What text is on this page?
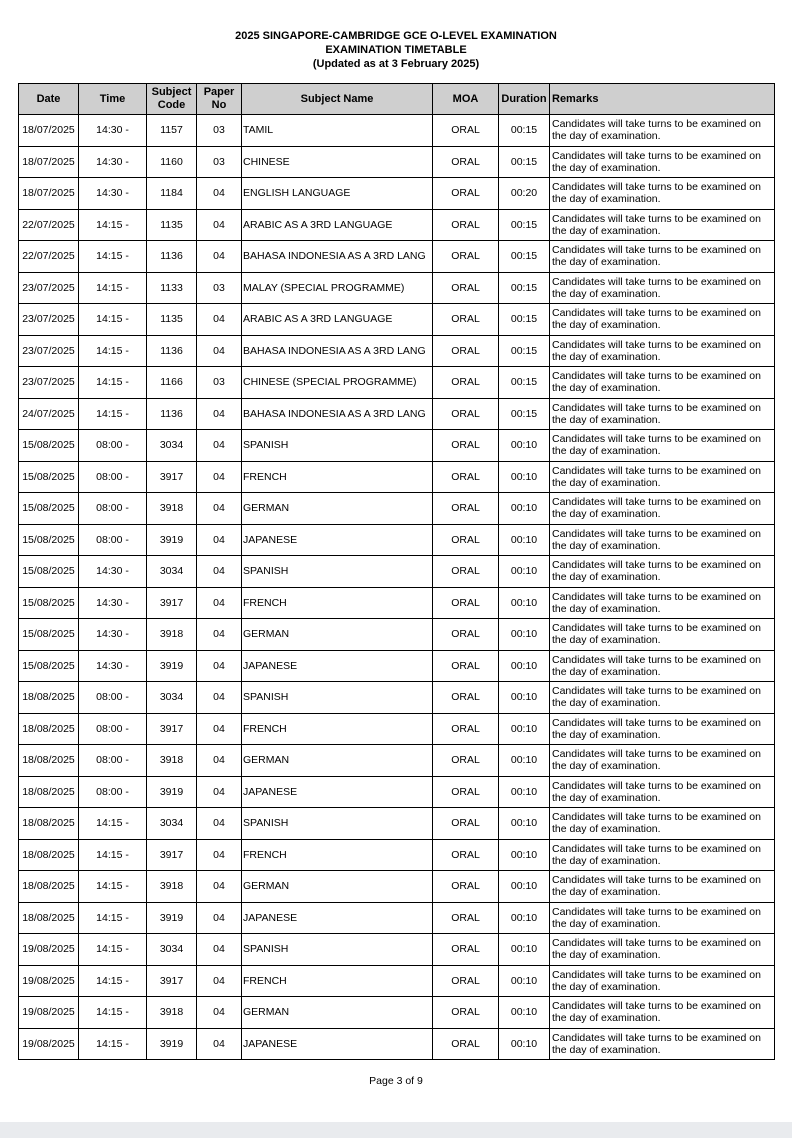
2025 SINGAPORE-CAMBRIDGE GCE O-LEVEL EXAMINATION
EXAMINATION TIMETABLE
(Updated as at 3 February 2025)
Date	Time	Subject Code	Paper No	Subject Name	MOA	Duration	Remarks
18/07/2025	14:30 -	1157	03	TAMIL	ORAL	00:15	Candidates will take turns to be examined on the day of examination.
18/07/2025	14:30 -	1160	03	CHINESE	ORAL	00:15	Candidates will take turns to be examined on the day of examination.
18/07/2025	14:30 -	1184	04	ENGLISH LANGUAGE	ORAL	00:20	Candidates will take turns to be examined on the day of examination.
22/07/2025	14:15 -	1135	04	ARABIC AS A 3RD LANGUAGE	ORAL	00:15	Candidates will take turns to be examined on the day of examination.
22/07/2025	14:15 -	1136	04	BAHASA INDONESIA AS A 3RD LANG	ORAL	00:15	Candidates will take turns to be examined on the day of examination.
23/07/2025	14:15 -	1133	03	MALAY (SPECIAL PROGRAMME)	ORAL	00:15	Candidates will take turns to be examined on the day of examination.
23/07/2025	14:15 -	1135	04	ARABIC AS A 3RD LANGUAGE	ORAL	00:15	Candidates will take turns to be examined on the day of examination.
23/07/2025	14:15 -	1136	04	BAHASA INDONESIA AS A 3RD LANG	ORAL	00:15	Candidates will take turns to be examined on the day of examination.
23/07/2025	14:15 -	1166	03	CHINESE (SPECIAL PROGRAMME)	ORAL	00:15	Candidates will take turns to be examined on the day of examination.
24/07/2025	14:15 -	1136	04	BAHASA INDONESIA AS A 3RD LANG	ORAL	00:15	Candidates will take turns to be examined on the day of examination.
15/08/2025	08:00 -	3034	04	SPANISH	ORAL	00:10	Candidates will take turns to be examined on the day of examination.
15/08/2025	08:00 -	3917	04	FRENCH	ORAL	00:10	Candidates will take turns to be examined on the day of examination.
15/08/2025	08:00 -	3918	04	GERMAN	ORAL	00:10	Candidates will take turns to be examined on the day of examination.
15/08/2025	08:00 -	3919	04	JAPANESE	ORAL	00:10	Candidates will take turns to be examined on the day of examination.
15/08/2025	14:30 -	3034	04	SPANISH	ORAL	00:10	Candidates will take turns to be examined on the day of examination.
15/08/2025	14:30 -	3917	04	FRENCH	ORAL	00:10	Candidates will take turns to be examined on the day of examination.
15/08/2025	14:30 -	3918	04	GERMAN	ORAL	00:10	Candidates will take turns to be examined on the day of examination.
15/08/2025	14:30 -	3919	04	JAPANESE	ORAL	00:10	Candidates will take turns to be examined on the day of examination.
18/08/2025	08:00 -	3034	04	SPANISH	ORAL	00:10	Candidates will take turns to be examined on the day of examination.
18/08/2025	08:00 -	3917	04	FRENCH	ORAL	00:10	Candidates will take turns to be examined on the day of examination.
18/08/2025	08:00 -	3918	04	GERMAN	ORAL	00:10	Candidates will take turns to be examined on the day of examination.
18/08/2025	08:00 -	3919	04	JAPANESE	ORAL	00:10	Candidates will take turns to be examined on the day of examination.
18/08/2025	14:15 -	3034	04	SPANISH	ORAL	00:10	Candidates will take turns to be examined on the day of examination.
18/08/2025	14:15 -	3917	04	FRENCH	ORAL	00:10	Candidates will take turns to be examined on the day of examination.
18/08/2025	14:15 -	3918	04	GERMAN	ORAL	00:10	Candidates will take turns to be examined on the day of examination.
18/08/2025	14:15 -	3919	04	JAPANESE	ORAL	00:10	Candidates will take turns to be examined on the day of examination.
19/08/2025	14:15 -	3034	04	SPANISH	ORAL	00:10	Candidates will take turns to be examined on the day of examination.
19/08/2025	14:15 -	3917	04	FRENCH	ORAL	00:10	Candidates will take turns to be examined on the day of examination.
19/08/2025	14:15 -	3918	04	GERMAN	ORAL	00:10	Candidates will take turns to be examined on the day of examination.
19/08/2025	14:15 -	3919	04	JAPANESE	ORAL	00:10	Candidates will take turns to be examined on the day of examination.
Page 3 of 9
